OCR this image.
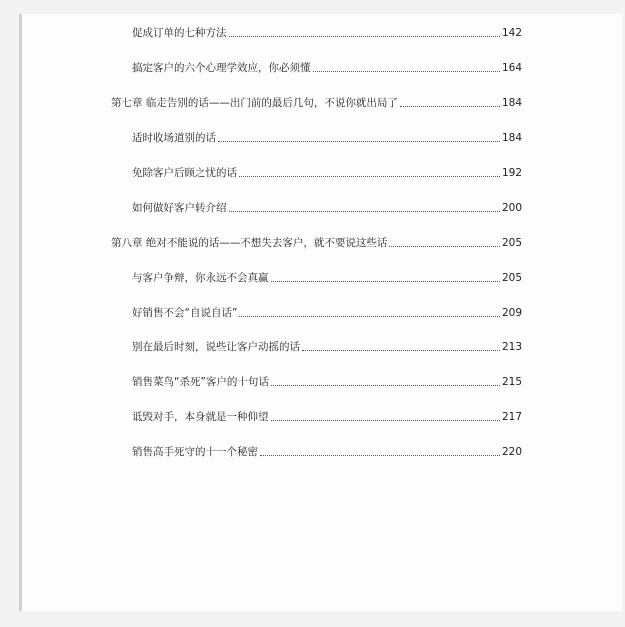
促成订单的七种方法	142
搞定客户的六个心理学效应，你必须懂	164
第七章 临走告别的话——出门前的最后几句，不说你就出局了	184
适时收场道别的话	184
免除客户后顾之忧的话	192
如何做好客户转介绍	200
第八章 绝对不能说的话——不想失去客户，就不要说这些话	205
与客户争辩，你永远不会真赢	205
好销售不会“自说自话”	209
别在最后时刻，说些让客户动摇的话	213
销售菜鸟“杀死”客户的十句话	215
诋毁对手，本身就是一种仰望	217
销售高手死守的十一个秘密	220
